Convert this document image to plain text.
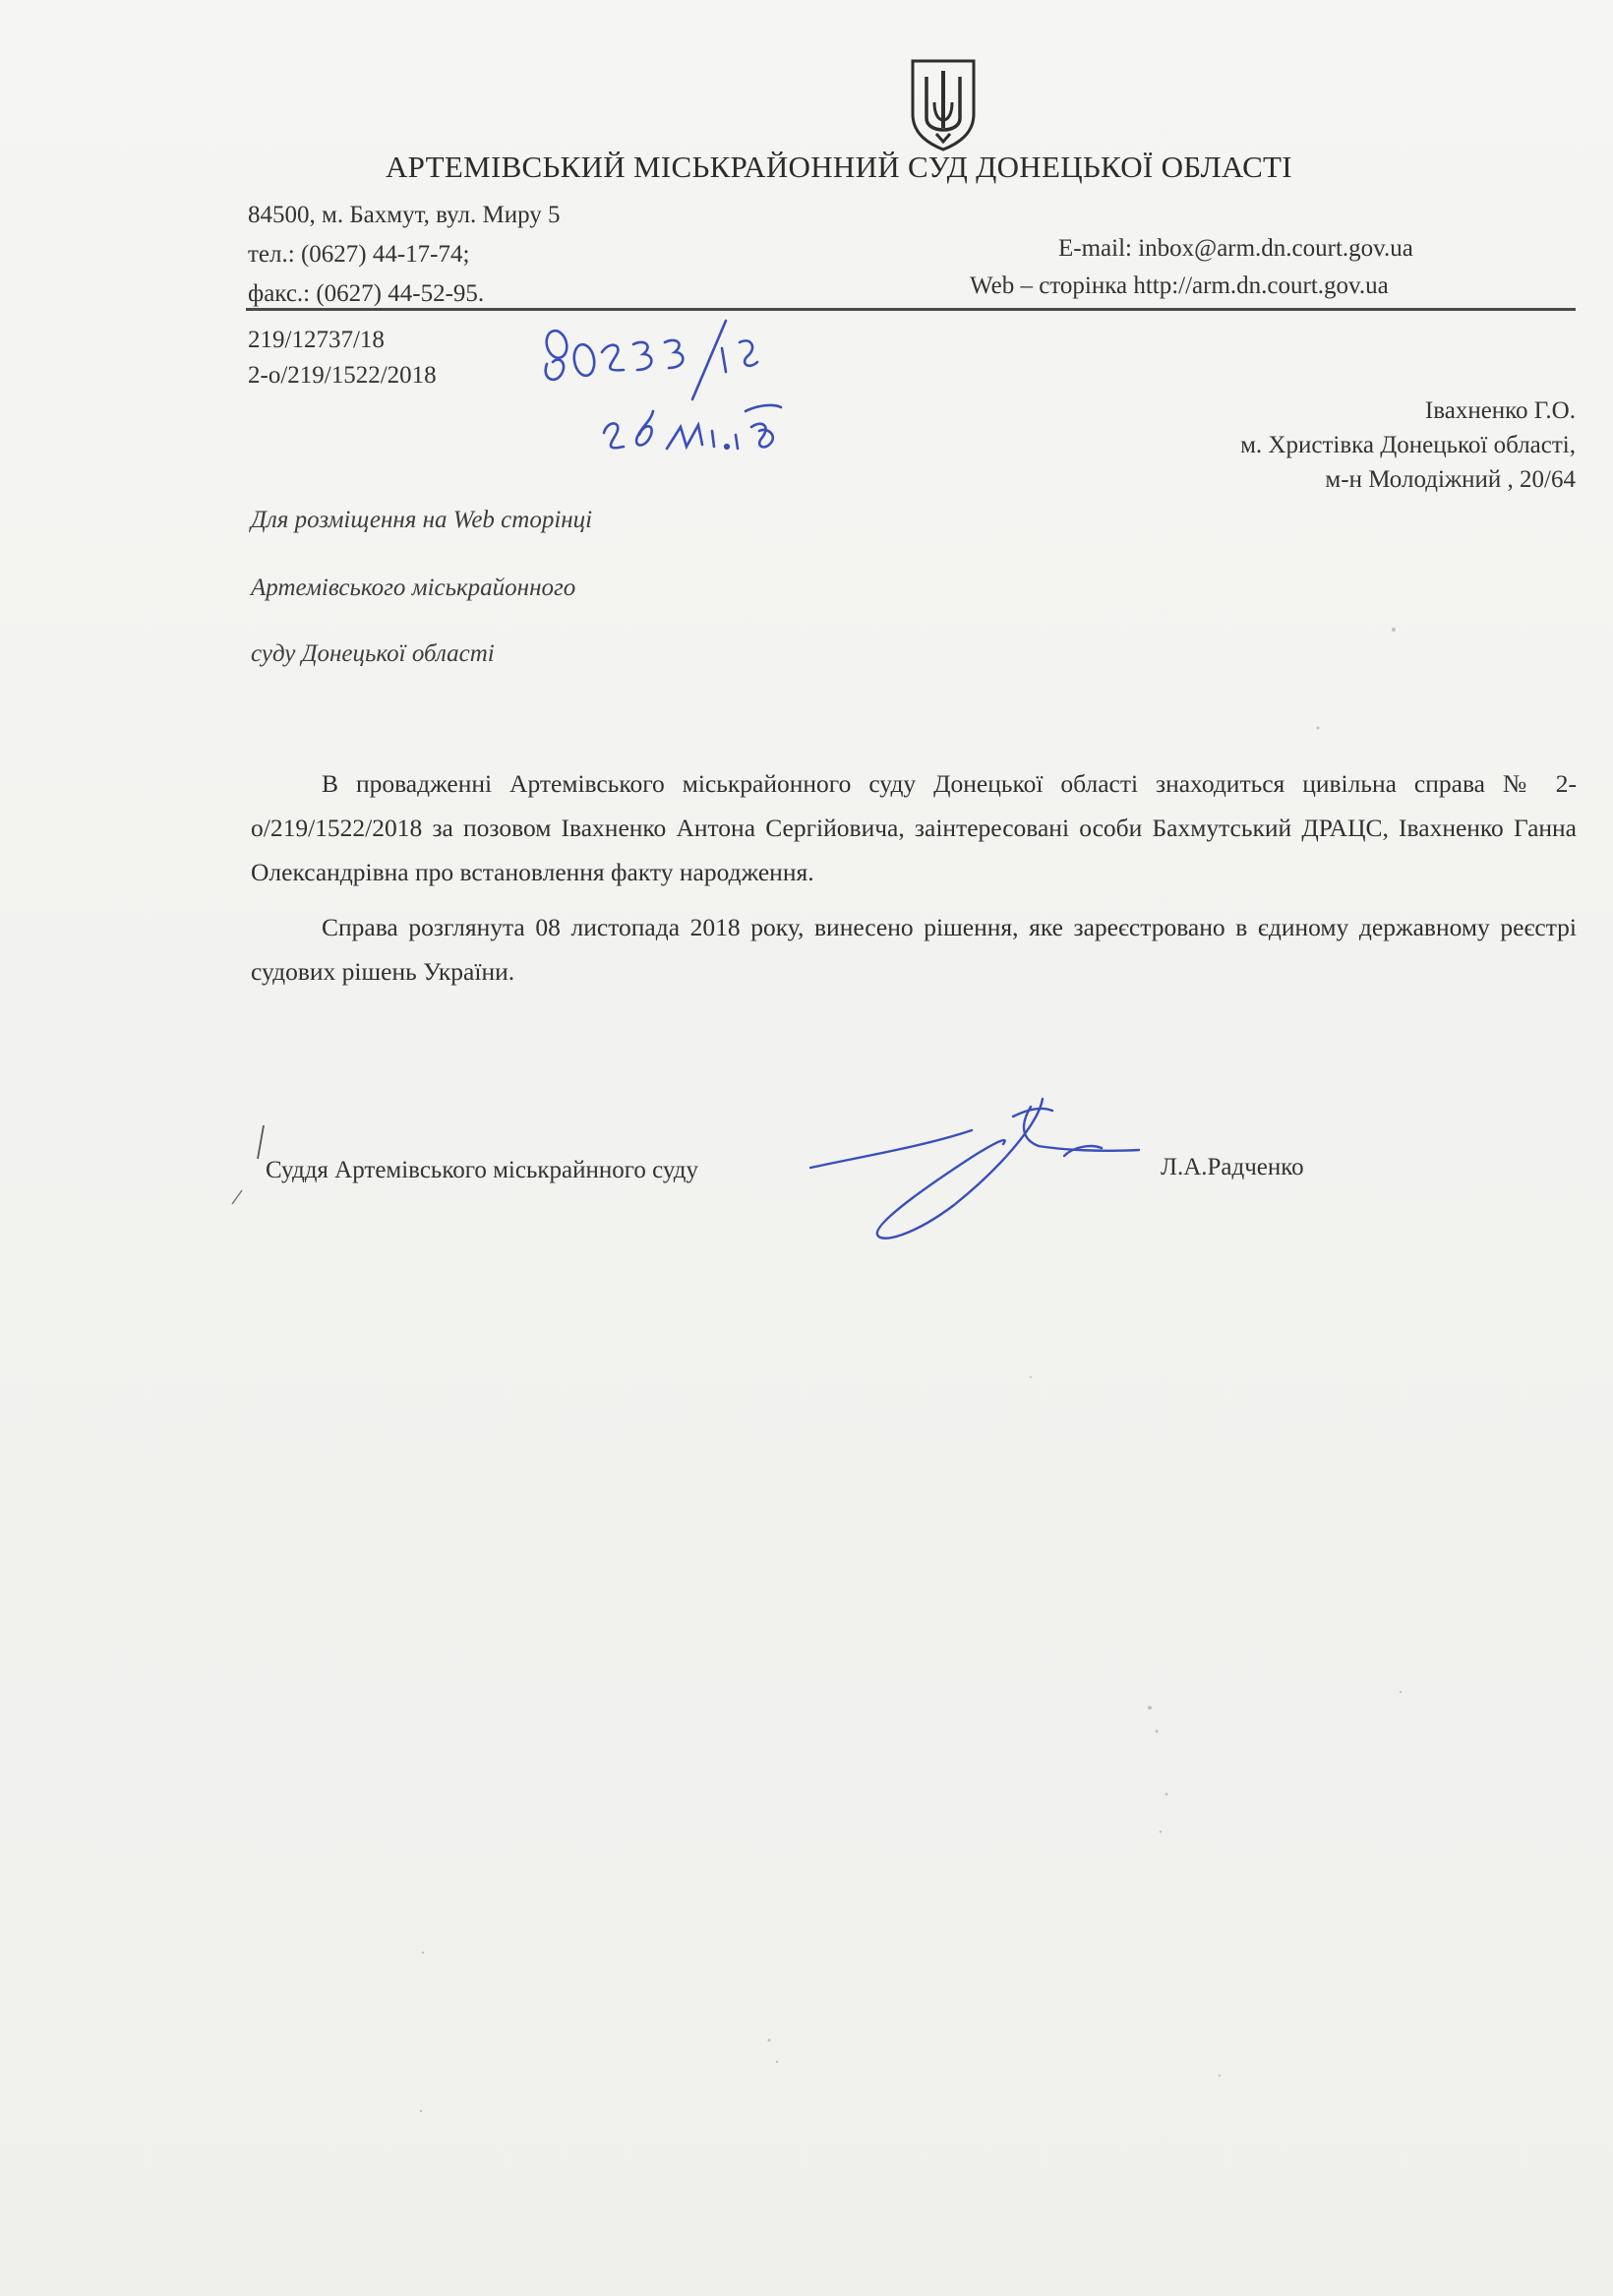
АРТЕМІВСЬКИЙ МІСЬКРАЙОННИЙ СУД ДОНЕЦЬКОЇ ОБЛАСТІ
84500, м. Бахмут, вул. Миру 5
тел.: (0627) 44-17-74;
факс.: (0627) 44-52-95.
E-mail: inbox@arm.dn.court.gov.ua
Web – сторінка http://arm.dn.court.gov.ua
219/12737/18
2-о/219/1522/2018
Івахненко Г.О.
м. Христівка Донецької області,
м-н Молодіжний , 20/64
Для розміщення на Web сторінці
Артемівського міськрайонного
суду Донецької області
В провадженні Артемівського міськрайонного суду Донецької області знаходиться цивільна справа № 2-о/219/1522/2018 за позовом Івахненко Антона Сергійовича, заінтересовані особи Бахмутський ДРАЦС, Івахненко Ганна Олександрівна про встановлення факту народження.
Справа розглянута 08 листопада 2018 року, винесено рішення, яке зареєстровано в єдиному державному реєстрі судових рішень України.
Суддя Артемівського міськрайнного суду	Л.А.Радченко
